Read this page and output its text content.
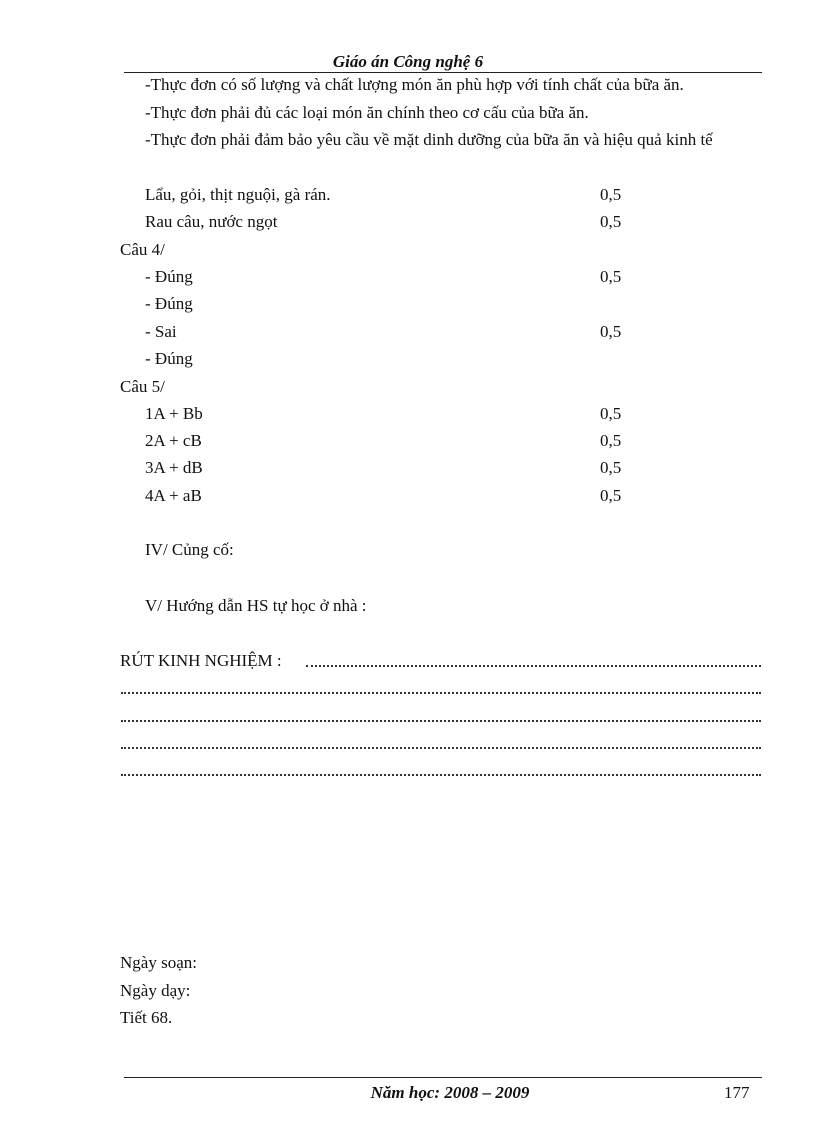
Giáo án Công nghệ 6
-Thực đơn có số lượng và chất lượng món ăn phù hợp với tính chất của bữa ăn.
-Thực đơn phải đủ các loại món ăn chính theo cơ cấu của bữa ăn.
-Thực đơn phải đảm bảo yêu cầu về mặt dinh dưỡng của bữa ăn và hiệu quả kinh tế
Lẩu, gỏi, thịt nguội, gà rán.	0,5
Rau câu, nước ngọt	0,5
Câu 4/
- Đúng	0,5
- Đúng
- Sai	0,5
- Đúng
Câu 5/
1A + Bb	0,5
2A + cB	0,5
3A + dB	0,5
4A + aB	0,5
IV/ Củng cố:
V/ Hướng dẫn HS tự học ở nhà :
RÚT KINH NGHIỆM :
Ngày soạn:
Ngày dạy:
Tiết 68.
Năm học: 2008 – 2009	177
